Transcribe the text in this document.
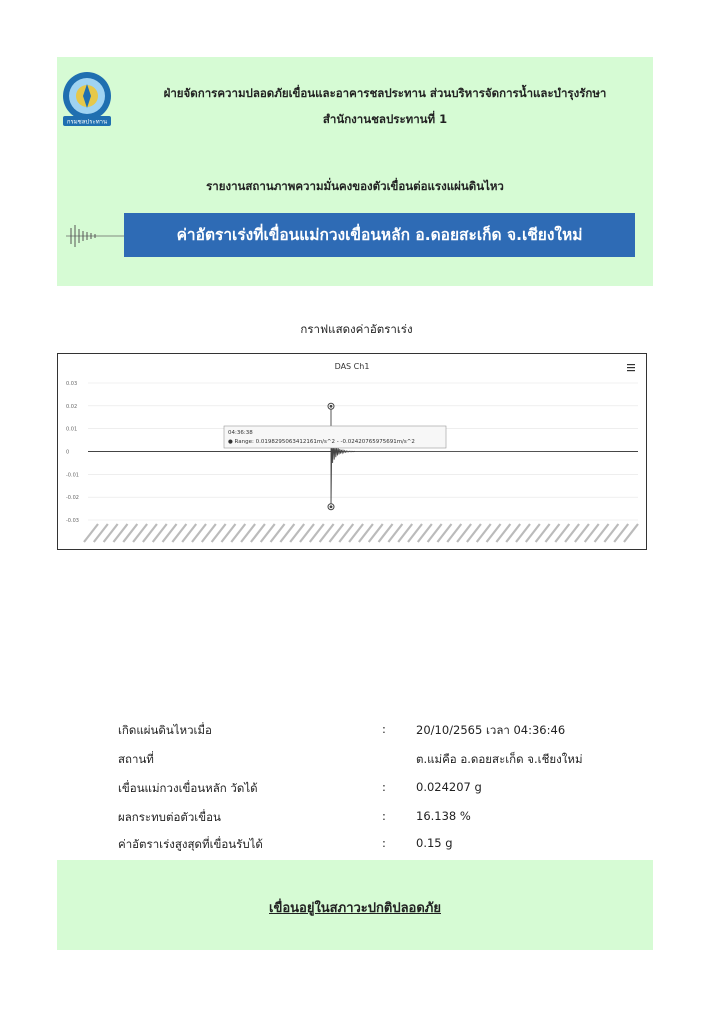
กรมชลประทาน
ฝ่ายจัดการความปลอดภัยเขื่อนและอาคารชลประทาน ส่วนบริหารจัดการน้ำและบำรุงรักษา
สำนักงานชลประทานที่ 1
รายงานสถานภาพความมั่นคงของตัวเขื่อนต่อแรงแผ่นดินไหว
ค่าอัตราเร่งที่เขื่อนแม่กวงเขื่อนหลัก อ.ดอยสะเก็ด จ.เชียงใหม่
กราฟแสดงค่าอัตราเร่ง
DAS Ch1
0.03
0.02
0.01
0
-0.01
-0.02
-0.03
04:36:38
● Range: 0.0198295063412161m/s^2 - -0.0242076597569​1m/s^2
เกิดแผ่นดินไหวเมื่อ	:	20/10/2565 เวลา 04:36:46
สถานที่	ต.แม่คือ อ.ดอยสะเก็ด จ.เชียงใหม่
เขื่อนแม่กวงเขื่อนหลัก วัดได้	:	0.024207 g
ผลกระทบต่อตัวเขื่อน	:	16.138 %
ค่าอัตราเร่งสูงสุดที่เขื่อนรับได้	:	0.15 g
เขื่อนอยู่ในสภาวะปกติปลอดภัย
